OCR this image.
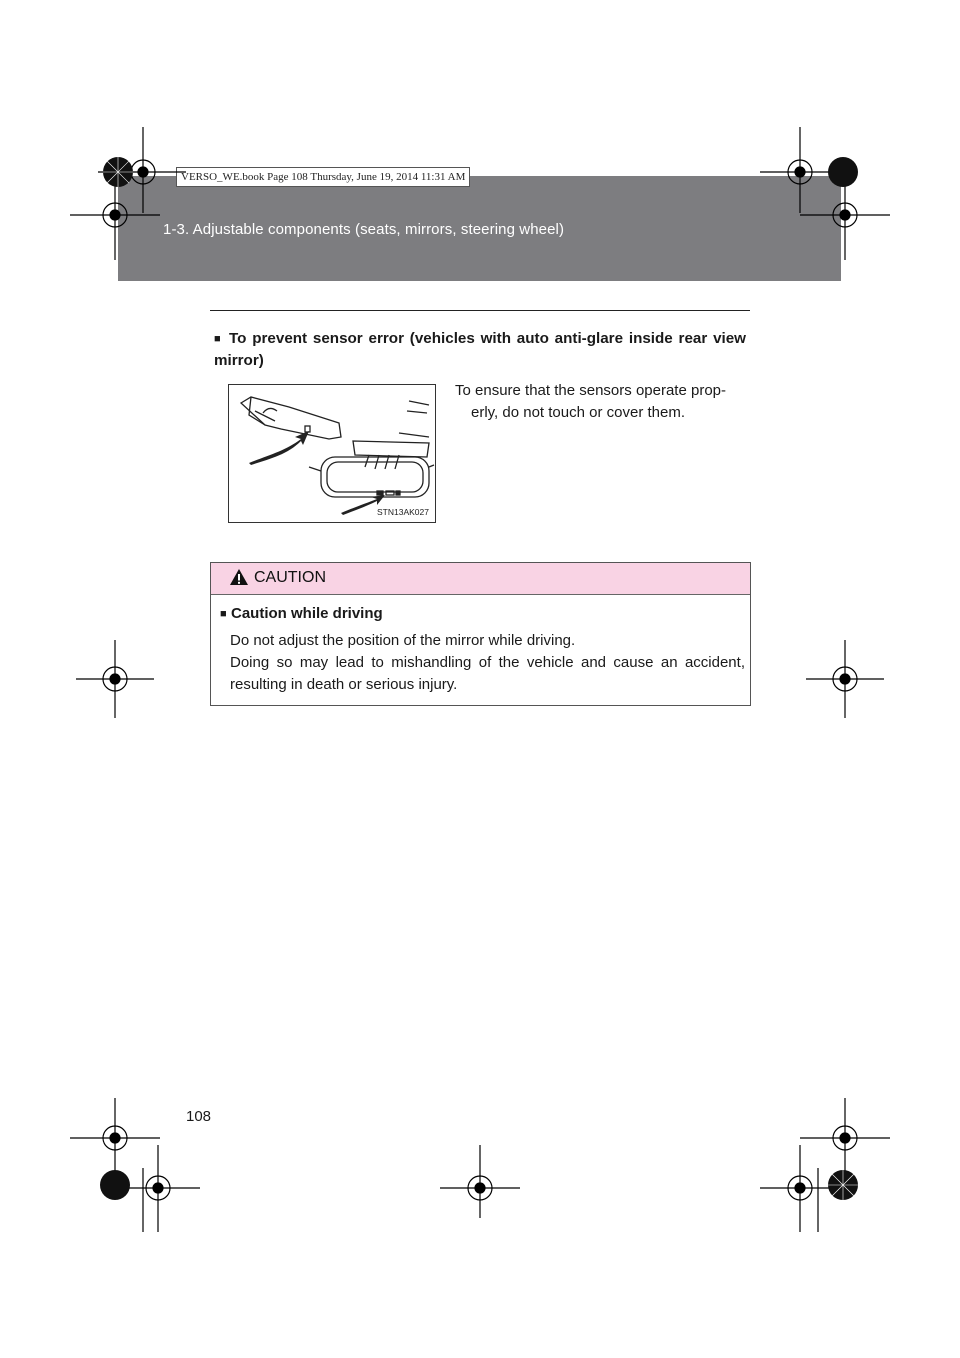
1-3. Adjustable components (seats, mirrors, steering wheel)
VERSO_WE.book Page 108 Thursday, June 19, 2014 11:31 AM
■ To prevent sensor error (vehicles with auto anti-glare inside rear view mirror)
STN13AK027
To ensure that the sensors operate prop-
erly, do not touch or cover them.
CAUTION
■ Caution while driving

Do not adjust the position of the mirror while driving.

Doing so may lead to mishandling of the vehicle and cause an accident, resulting in death or serious injury.

108
